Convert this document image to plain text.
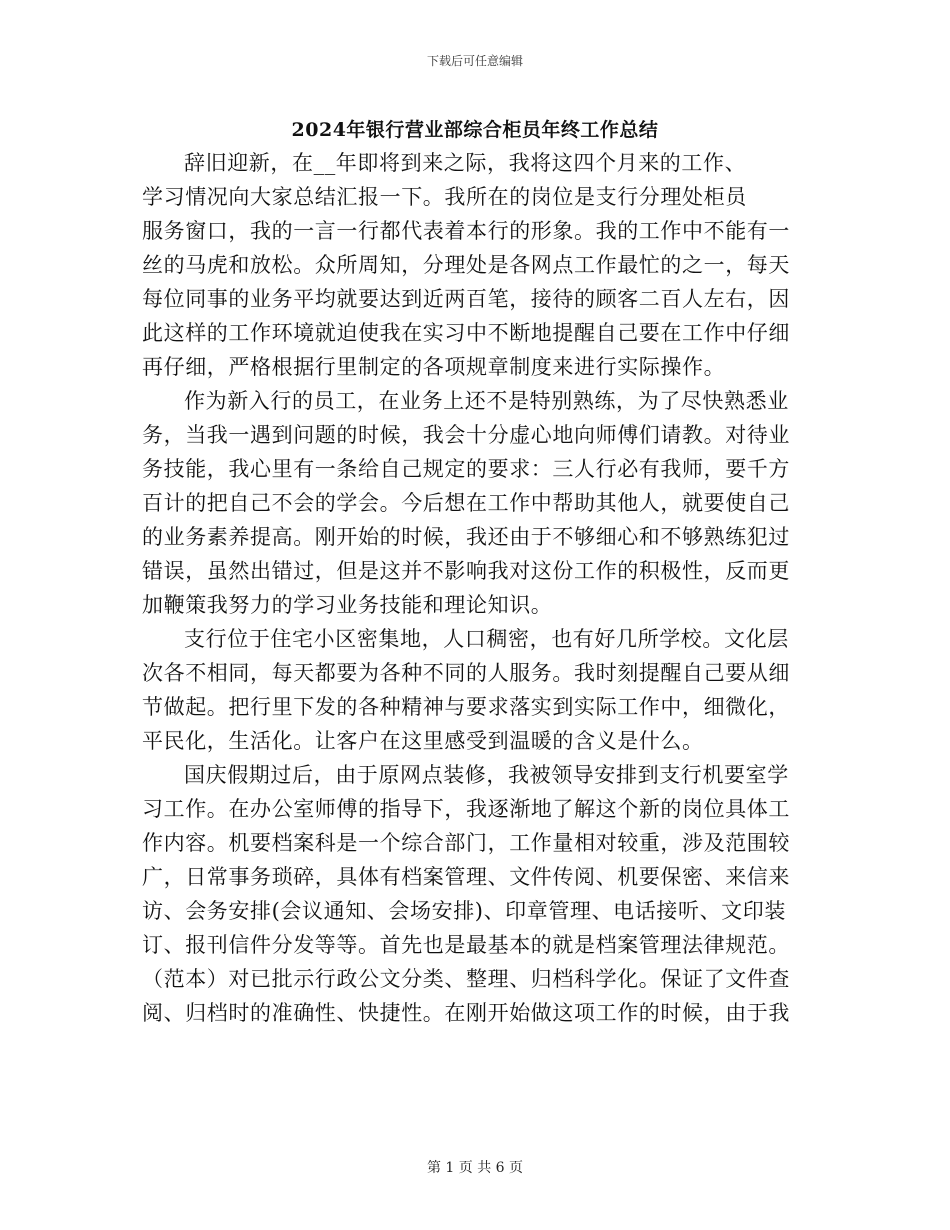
下载后可任意编辑
2024年银行营业部综合柜员年终工作总结

辞旧迎新，在__年即将到来之际，我将这四个月来的工作、
学习情况向大家总结汇报一下。我所在的岗位是支行分理处柜员
服务窗口，我的一言一行都代表着本行的形象。我的工作中不能有一
丝的马虎和放松。众所周知，分理处是各网点工作最忙的之一，每天
每位同事的业务平均就要达到近两百笔，接待的顾客二百人左右，因
此这样的工作环境就迫使我在实习中不断地提醒自己要在工作中仔细
再仔细，严格根据行里制定的各项规章制度来进行实际操作。

作为新入行的员工，在业务上还不是特别熟练，为了尽快熟悉业
务，当我一遇到问题的时候，我会十分虚心地向师傅们请教。对待业
务技能，我心里有一条给自己规定的要求：三人行必有我师，要千方
百计的把自己不会的学会。今后想在工作中帮助其他人，就要使自己
的业务素养提高。刚开始的时候，我还由于不够细心和不够熟练犯过
错误，虽然出错过，但是这并不影响我对这份工作的积极性，反而更
加鞭策我努力的学习业务技能和理论知识。

支行位于住宅小区密集地，人口稠密，也有好几所学校。文化层
次各不相同，每天都要为各种不同的人服务。我时刻提醒自己要从细
节做起。把行里下发的各种精神与要求落实到实际工作中，细微化，
平民化，生活化。让客户在这里感受到温暖的含义是什么。

国庆假期过后，由于原网点装修，我被领导安排到支行机要室学
习工作。在办公室师傅的指导下，我逐渐地了解这个新的岗位具体工
作内容。机要档案科是一个综合部门，工作量相对较重，涉及范围较
广，日常事务琐碎，具体有档案管理、文件传阅、机要保密、来信来
访、会务安排(会议通知、会场安排)、印章管理、电话接听、文印装
订、报刊信件分发等等。首先也是最基本的就是档案管理法律规范。
（范本）对已批示行政公文分类、整理、归档科学化。保证了文件查
阅、归档时的准确性、快捷性。在刚开始做这项工作的时候，由于我

第 1 页 共 6 页
